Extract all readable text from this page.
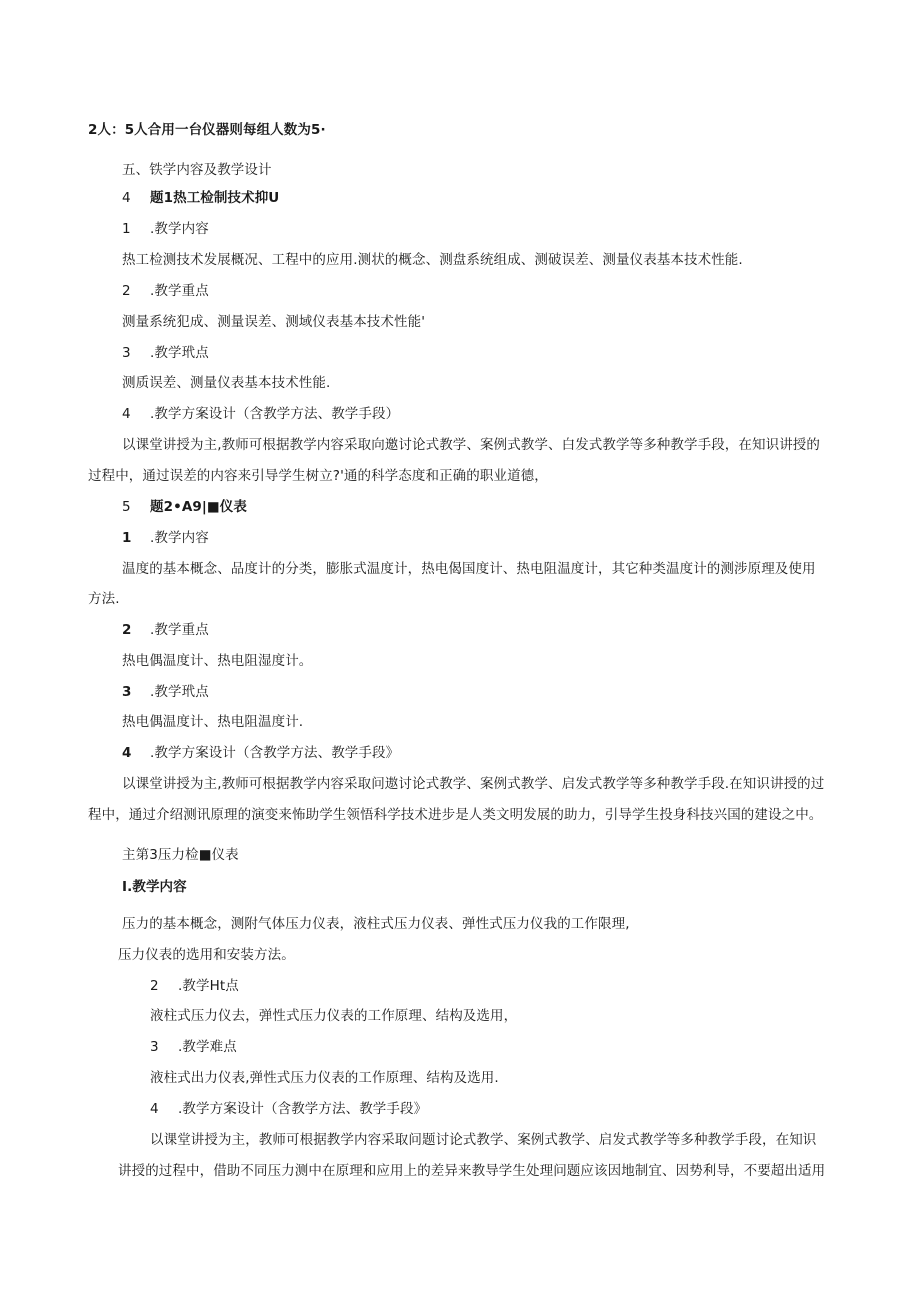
2人：5人合用一台仪器则每组人数为5·
五、铁学内容及教学设计
4 题1热工检制技术抑U
1 .教学内容
热工检测技术发展概况、工程中的应用.测状的概念、测盘系统组成、测破误差、测量仪表基本技术性能.
2 .教学重点
测量系统犯成、测量误差、测域仪表基本技术性能'
3 .教学玳点
测质误差、测量仪表基本技术性能.
4 .教学方案设计（含教学方法、教学手段）
以课堂讲授为主,教师可根据教学内容采取向邀讨论式教学、案例式教学、白发式教学等多种教学手段，在知识讲授的
过程中，通过误差的内容来引导学生树立?'通的科学态度和正确的职业道德，
5 题2•A9|■仪表
1 .教学内容
温度的基本概念、品度计的分类，膨胀式温度计，热电偈国度计、热电阻温度计，其它种类温度计的测涉原理及使用
方法.
2 .教学重点
热电偶温度计、热电阻湿度计。
3 .教学玳点
热电偶温度计、热电阻温度计.
4 .教学方案设计（含教学方法、教学手段》
以课堂讲授为主,教师可根据教学内容采取问遨讨论式教学、案例式教学、启发式教学等多种教学手段.在知识讲授的过
程中，通过介绍测讯原理的演变来怖助学生领悟科学技术进步是人类文明发展的助力，引导学生投身科技兴国的建设之中。
主第3压力检■仪表
I.教学内容
压力的基本概念，测附气体压力仪表，液柱式压力仪表、弹性式压力仪我的工作限理,
压力仪表的选用和安装方法。
2 .教学Ht点
液柱式压力仪去，弹性式压力仪表的工作原理、结构及选用，
3 .教学难点
液柱式出力仪表,弹性式压力仪表的工作原理、结构及选用.
4 .教学方案设计（含教学方法、教学手段》
以课堂讲授为主，教师可根据教学内容采取问题讨论式教学、案例式教学、启发式教学等多种教学手段，在知识
讲授的过程中，借助不同压力测中在原理和应用上的差异来教导学生处理问题应该因地制宜、因势利导，不要超出适用
